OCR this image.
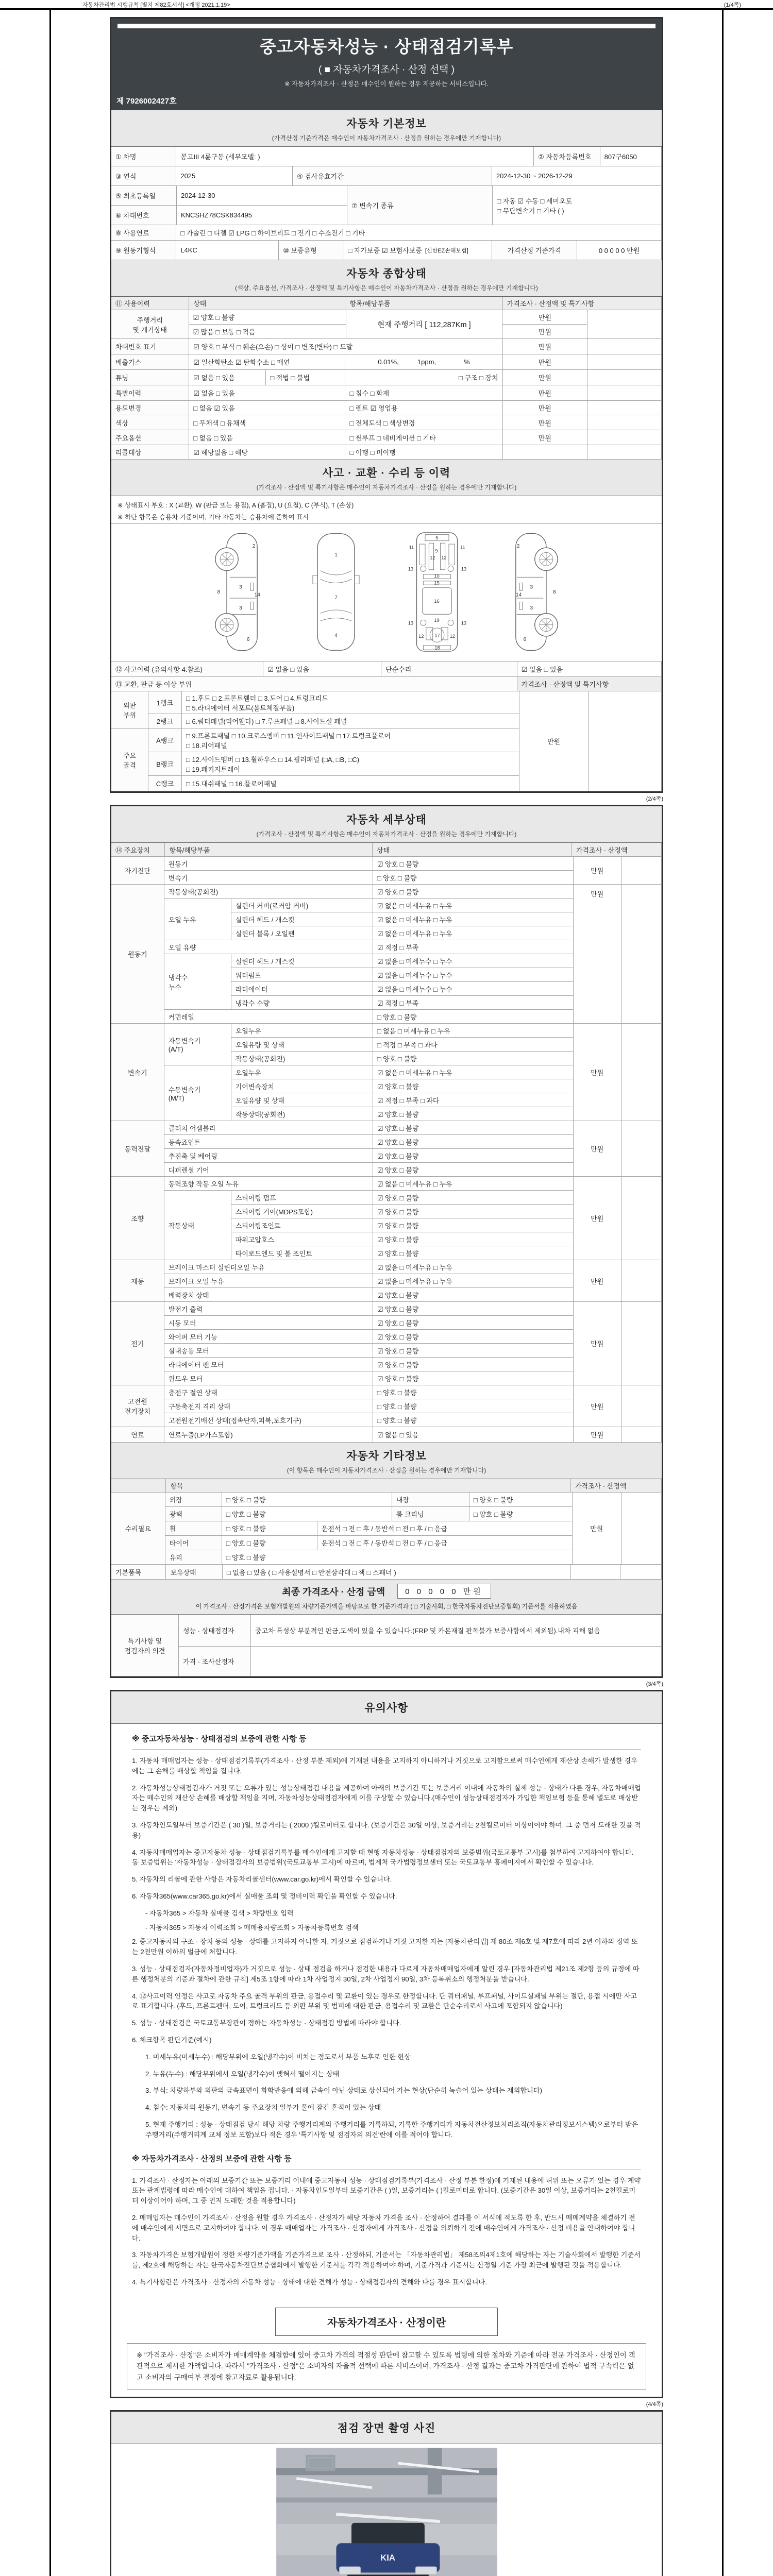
자동차관리법 시행규칙 [별지 제82호서식] <개정 2021.1.19>	(1/4쪽)
중고자동차성능 · 상태점검기록부
( ■ 자동차가격조사 · 산정 선택 )
※ 자동차가격조사 · 산정은 매수인이 원하는 경우 제공하는 서비스입니다.
제 7926002427호
자동차 기본정보
(가격산정 기준가격은 매수인이 자동차가격조사 · 산정을 원하는 경우에만 기재합니다)
① 차명	봉고III 4륜구동 (세부모델: )	② 자동차등록번호	807구6050
③ 연식	2025	④ 검사유효기간	2024-12-30 ~ 2026-12-29
⑤ 최초등록일	2024-12-30
⑥ 차대번호	KNCSHZ78CSK834495
⑦ 변속기 종류
□ 자동 ☑ 수동 □ 세미오토
□ 무단변속기 □ 기타 ( )
⑧ 사용연료	□ 가솔린 □ 디젤 ☑ LPG □ 하이브리드 □ 전기 □ 수소전기 □ 기타
⑨ 원동기형식	L4KC	⑩ 보증유형	□ 자가보증 ☑ 보험사보증 [신한EZ손해보험]	가격산정 기준가격	0 0 0 0 0 만원
자동차 종합상태
(색상, 주요옵션, 가격조사 · 산정액 및 특기사항은 매수인이 자동차가격조사 · 산정을 원하는 경우에만 기재합니다)
⑪ 사용이력	상태	항목/해당부품	가격조사 · 산정액 및 특기사항
주행거리
및 계기상태
☑ 양호 □ 불량
☑ 많음 □ 보통 □ 적음
현재 주행거리 [ 112,287Km ]
만원
만원
차대번호 표기	☑ 양호 □ 부식 □ 훼손(오손) □ 상이 □ 변조(변타) □ 도말	만원
배출가스	☑ 일산화탄소 ☑ 탄화수소 □ 매연	0.01%,          1ppm,               %	만원
튜닝	☑ 없음 □ 있음	□ 적법 □ 불법	□ 구조 □ 장치	만원
특별이력	☑ 없음 □ 있음	□ 침수 □ 화재	만원
용도변경	□ 없음 ☑ 있음	□ 렌트 ☑ 영업용	만원
색상	□ 무채색 □ 유채색	□ 전체도색 □ 색상변경	만원
주요옵션	□ 없음 □ 있음	□ 썬루프 □ 네비게이션 □ 기타	만원
리콜대상	☑ 해당없음 □ 해당	□ 이행 □ 미이행
사고 · 교환 · 수리 등 이력
(가격조사 · 산정액 및 특기사항은 매수인이 자동차가격조사 · 산정을 원하는 경우에만 기재합니다)
※ 상태표시 부호 : X (교환), W (판금 또는 용접), A (흠집), U (요철), C (부식), T (손상)
※ 하단 항목은 승용차 기준이며, 기타 자동차는 승용차에 준하여 표시
2
8
3
14
3
6
1
7
4
5
11	11
9
12 12
13	13
10
15
16
13	13
19
12	12
17
18
2
8
3
14
3
6
⑫ 사고이력 (유의사항 4.참조)	☑ 없음 □ 있음	단순수리	☑ 없음 □ 있음
⑬ 교환, 판금 등 이상 부위	가격조사 · 산정액 및 특기사항
외판
부위
주요
골격
1랭크
□ 1.후드 □ 2.프론트휀더 □ 3.도어 □ 4.트렁크리드
□ 5.라디에이터 서포트(볼트체결부품)
2랭크	□ 6.쿼터패널(리어휀다) □ 7.루프패널 □ 8.사이드실 패널
A랭크
□ 9.프론트패널 □ 10.크로스멤버 □ 11.인사이드패널 □ 17.트렁크플로어
□ 18.리어패널
B랭크
□ 12.사이드멤버 □ 13.휠하우스 □ 14.필러패널 (□A, □B, □C)
□ 19.패키지트레이
C랭크	□ 15.대쉬패널 □ 16.플로어패널
만원
(2/4쪽)
자동차 세부상태
(가격조사 · 산정액 및 특기사항은 매수인이 자동차가격조사 · 산정을 원하는 경우에만 기재합니다)
⑭ 주요장치	항목/해당부품	상태	가격조사 · 산정액
자기진단
원동기	☑ 양호 □ 불량
변속기	□ 양호 □ 불량
만원
원동기
작동상태(공회전)	☑ 양호 □ 불량
오일 누유
실린더 커버(로커암 커버)	☑ 없음 □ 미세누유 □ 누유
실린더 헤드 / 개스킷	☑ 없음 □ 미세누유 □ 누유
실린더 블록 / 오일팬	☑ 없음 □ 미세누유 □ 누유
오일 유량	☑ 적정 □ 부족
냉각수
누수
실린더 헤드 / 개스킷	☑ 없음 □ 미세누수 □ 누수
워터펌프	☑ 없음 □ 미세누수 □ 누수
라디에이터	☑ 없음 □ 미세누수 □ 누수
냉각수 수량	☑ 적정 □ 부족
커먼레일	□ 양호 □ 불량
만원
변속기
자동변속기
(A/T)
오일누유	□ 없음 □ 미세누유 □ 누유
오일유량 및 상태	□ 적정 □ 부족 □ 과다
작동상태(공회전)	□ 양호 □ 불량
수동변속기
(M/T)
오일누유	☑ 없음 □ 미세누유 □ 누유
기어변속장치	☑ 양호 □ 불량
오일유량 및 상태	☑ 적정 □ 부족 □ 과다
작동상태(공회전)	☑ 양호 □ 불량
만원
동력전달
클러치 어셈블리	☑ 양호 □ 불량
등속죠인트	☑ 양호 □ 불량
추진축 및 베어링	☑ 양호 □ 불량
디퍼렌셜 기어	☑ 양호 □ 불량
만원
조향
동력조향 작동 오일 누유	☑ 없음 □ 미세누유 □ 누유
작동상태
스티어링 펌프	☑ 양호 □ 불량
스티어링 기어(MDPS포함)	☑ 양호 □ 불량
스티어링조인트	☑ 양호 □ 불량
파워고압호스	☑ 양호 □ 불량
타이로드엔드 및 볼 조인트	☑ 양호 □ 불량
만원
제동
브레이크 마스터 실린더오일 누유	☑ 없음 □ 미세누유 □ 누유
브레이크 오일 누유	☑ 없음 □ 미세누유 □ 누유
배력장치 상태	☑ 양호 □ 불량
만원
전기
발전기 출력	☑ 양호 □ 불량
시동 모터	☑ 양호 □ 불량
와이퍼 모터 기능	☑ 양호 □ 불량
실내송풍 모터	☑ 양호 □ 불량
라디에이터 팬 모터	☑ 양호 □ 불량
윈도우 모터	☑ 양호 □ 불량
만원
고전원
전기장치
충전구 절연 상태	□ 양호 □ 불량
구동축전지 격리 상태	□ 양호 □ 불량
고전원전기배선 상태(접속단자,피복,보호기구)	□ 양호 □ 불량
만원
연료	연료누출(LP가스포함)	☑ 없음 □ 있음	만원
자동차 기타정보
(이 항목은 매수인이 자동차가격조사 · 산정을 원하는 경우에만 기재합니다)
항목	가격조사 · 산정액
수리필요
외장	□ 양호 □ 불량	내장	□ 양호 □ 불량
광택	□ 양호 □ 불량	룸 크리닝	□ 양호 □ 불량
휠	□ 양호 □ 불량	운전석 □ 전 □ 후 / 동반석 □ 전 □ 후 / □ 응급
타이어	□ 양호 □ 불량	운전석 □ 전 □ 후 / 동반석 □ 전 □ 후 / □ 응급
유리	□ 양호 □ 불량
만원
기본품목	보유상태	□ 없음 □ 있음 ( □ 사용설명서 □ 안전삼각대 □ 잭 □ 스패너 )
최종 가격조사 · 산정 금액	0 0 0 0 0 만원
이 가격조사 · 산정가격은 보험개발원의 차량기준가액을 바탕으로 한 기준가격과 ( □ 기술사회, □ 한국자동차진단보증협회) 기준서를 적용하였음
특기사항 및
점검자의 의견
성능 · 상태점검자	중고차 특성상 부분적인 판금,도색이 있을 수 있습니다.(FRP 및 카본재질 판독불가 보증사항에서 제외됨).내차 피해 없음
가격 · 조사산정자
(3/4쪽)
유의사항
※ 중고자동차성능 · 상태점검의 보증에 관한 사항 등

1. 자동차 매매업자는 성능 · 상태점검기록부(가격조사 · 산정 부분 제외)에 기재된 내용을 고지하지 아니하거나 거짓으로 고지함으로써 매수인에게 재산상 손해가 발생한 경우에는 그 손해를 배상할 책임을 집니다.

2. 자동차성능상태점검자가 거짓 또는 오류가 있는 성능상태점검 내용을 제공하여 아래의 보증기간 또는 보증거리 이내에 자동차의 실제 성능 · 상태가 다른 경우, 자동차매매업자는 매수인의 재산상 손해를 배상할 책임을 지며, 자동차성능상태점검자에게 이를 구상할 수 있습니다.(매수인이 성능상태점검자가 가입한 책임보험 등을 통해 별도로 배상받는 경우는 제외)

3. 자동차인도일부터 보증기간은 ( 30 )일, 보증거리는 ( 2000 )킬로미터로 합니다. (보증기간은 30일 이상, 보증거리는 2천킬로미터 이상이어야 하며, 그 중 먼저 도래한 것을 적용)

4. 자동차매매업자는 중고자동차 성능 · 상태점검기록부를 매수인에게 고지할 때 현행 자동차성능 · 상태점검자의 보증범위(국토교통부 고시)를 첨부하여 고지하여야 합니다. 동 보증범위는 '자동차성능 · 상태점검자의 보증범위'(국토교통부 고시)에 따르며, 법제처 국가법령정보센터 또는 국토교통부 홈페이지에서 확인할 수 있습니다.

5. 자동차의 리콜에 관한 사항은 자동차리콜센터(www.car.go.kr)에서 확인할 수 있습니다.

6. 자동차365(www.car365.go.kr)에서 실매물 조회 및 정비이력 확인을 확인할 수 있습니다.

- 자동차365 > 자동차 실매물 검색 > 차량번호 입력

- 자동차365 > 자동차 이력조회 > 매매용차량조회 > 자동차등록번호 검색

2. 중고자동차의 구조 · 장치 등의 성능 · 상태를 고지하지 아니한 자, 거짓으로 점검하거나 거짓 고지한 자는 [자동차관리법] 제 80조 제6호 및 제7호에 따라 2년 이하의 징역 또는 2천만원 이하의 벌금에 처합니다.

3. 성능 · 상태점검자(자동차정비업자)가 거짓으로 성능 · 상태 점검을 하거나 점검한 내용과 다르게 자동차매매업자에게 알린 경우 [자동차관리법 제21조 제2항 등의 규정에 따른 행정처분의 기준과 절차에 관한 규칙] 제5조 1항에 따라 1차 사업정지 30일, 2차 사업정지 90일, 3차 등록취소의 행정처분을 받습니다.

4. ⑫사고이력 인정은 사고로 자동차 주요 골격 부위의 판금, 용접수리 및 교환이 있는 경우로 한정합니다. 단 쿼터패널, 루프패널, 사이드실패널 부위는 절단, 용접 시에만 사고로 표기합니다. (후드, 프론트펜더, 도어, 트렁크리드 등 외판 부위 및 범퍼에 대한 판금, 용접수리 및 교환은 단순수리로서 사고에 포함되지 않습니다)

5. 성능 · 상태점검은 국토교통부장관이 정하는 자동차성능 · 상태점검 방법에 따라야 합니다.

6. 체크항목 판단기준(예시)

1. 미세누유(미세누수) : 해당부위에 오일(냉각수)이 비치는 정도로서 부품 노후로 인한 현상

2. 누유(누수) : 해당부위에서 오일(냉각수)이 맺혀서 떨어지는 상태

3. 부식: 차량하부와 외판의 금속표면이 화학반응에 의해 금속이 아닌 상태로 상실되어 가는 현상(단순히 녹슬어 있는 상태는 제외합니다)

4. 침수: 자동차의 원동기, 변속기 등 주요장치 일부가 물에 잠긴 흔적이 있는 상태

5. 현재 주행거리 : 성능 · 상태점검 당시 해당 차량 주행거리계의 주행거리를 기록하되, 기록한 주행거리가 자동차전산정보처리조직(자동차관리정보시스템)으로부터 받은 주행거리(주행거리계 교체 정보 포함)보다 적은 경우 '특기사항 및 점검자의 의견'란에 이를 적어야 합니다.

※ 자동차가격조사 · 산정의 보증에 관한 사항 등

1. 가격조사 · 산정자는 아래의 보증기간 또는 보증거리 이내에 중고자동차 성능 · 상태점검기록부(가격조사 · 산정 부분 한정)에 기재된 내용에 허위 또는 오류가 있는 경우 계약 또는 관계법령에 따라 매수인에 대하여 책임을 집니다. · 자동차인도일부터 보증기간은 ( )일, 보증거리는 ( )킬로미터로 합니다. (보증기간은 30일 이상, 보증거리는 2천킬로미터 이상이어야 하며, 그 중 먼저 도래한 것을 적용합니다)

2. 매매업자는 매수인이 가격조사 · 산정을 원할 경우 가격조사 · 산정자가 해당 자동차 가격을 조사 · 산정하여 결과를 이 서식에 적도록 한 후, 반드시 매매계약을 체결하기 전에 매수인에게 서면으로 고지하여야 합니다. 이 경우 매매업자는 가격조사 · 산정자에게 가격조사 · 산정을 의뢰하기 전에 매수인에게 가격조사 · 산정 비용을 안내하여야 합니다.

3. 자동차가격은 보험개발원이 정한 차량기준가액을 기준가격으로 조사 · 산정하되, 기준서는 「자동차관리법」 제58조의4제1호에 해당하는 자는 기술사회에서 발행한 기준서를, 제2호에 해당하는 자는 한국자동차진단보증협회에서 발행한 기준서를 각각 적용하여야 하며, 기준가격과 기준서는 산정일 기준 가장 최근에 발행된 것을 적용합니다.

4. 특기사항란은 가격조사 · 산정자의 자동차 성능 · 상태에 대한 견해가 성능 · 상태점검자의 견해와 다를 경우 표시합니다.

자동차가격조사 · 산정이란
※ "가격조사 · 산정"은 소비자가 매매계약을 체결함에 있어 중고차 가격의 적절성 판단에 참고할 수 있도록 법령에 의한 절차와 기준에 따라 전문 가격조사 · 산정인이 객관적으로 제시한 가액입니다. 따라서 "가격조사 · 산정"은 소비자의 자율적 선택에 따른 서비스이며, 가격조사 · 산정 결과는 중고차 가격판단에 관하여 법적 구속력은 없고 소비자의 구매여부 결정에 참고자료로 활용됩니다.
(4/4쪽)
점검 장면 촬영 사진
KIA
